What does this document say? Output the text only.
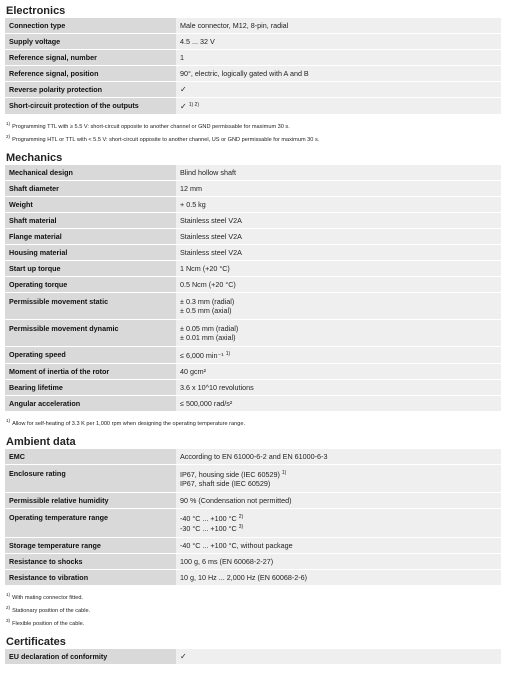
Electronics
Connection type	Male connector, M12, 8-pin, radial
Supply voltage	4.5 ... 32 V
Reference signal, number	1
Reference signal, position	90°, electric, logically gated with A and B
Reverse polarity protection	✓
Short-circuit protection of the outputs	✓ $^{1) 2)}$
$^{1)}$Programming TTL with ≥ 5.5 V: short-circuit opposite to another channel or GND permissable for maximum 30 s.
$^{2)}$Programming HTL or TTL with < 5.5 V: short-circuit opposite to another channel, US or GND permissable for maximum 30 s.
Mechanics
Mechanical design	Blind hollow shaft
Shaft diameter	12 mm
Weight	+ 0.5 kg
Shaft material	Stainless steel V2A
Flange material	Stainless steel V2A
Housing material	Stainless steel V2A
Start up torque	1 Ncm (+20 °C)
Operating torque	0.5 Ncm (+20 °C)
Permissible movement static	± 0.3 mm (radial)
± 0.5 mm (axial)

Permissible movement dynamic	± 0.05 mm (radial)
± 0.01 mm (axial)

Operating speed	≤ 6,000 min⁻¹ $^{1)}$
Moment of inertia of the rotor	40 gcm²
Bearing lifetime	3.6 x 10^10 revolutions
Angular acceleration	≤ 500,000 rad/s²
$^{1)}$Allow for self-heating of 3.3 K per 1,000 rpm when designing the operating temperature range.
Ambient data
EMC	According to EN 61000-6-2 and EN 61000-6-3
Enclosure rating	IP67, housing side (IEC 60529) $^{1)}$
IP67, shaft side (IEC 60529)

Permissible relative humidity	90 % (Condensation not permitted)
Operating temperature range	-40 °C ... +100 °C $^{2)}$
-30 °C ... +100 °C $^{3)}$

Storage temperature range	-40 °C ... +100 °C, without package
Resistance to shocks	100 g, 6 ms (EN 60068-2-27)
Resistance to vibration	10 g, 10 Hz ... 2,000 Hz (EN 60068-2-6)
$^{1)}$With mating connector fitted.
$^{2)}$Stationary position of the cable.
$^{3)}$Flexible position of the cable.
Certificates
EU declaration of conformity	✓
